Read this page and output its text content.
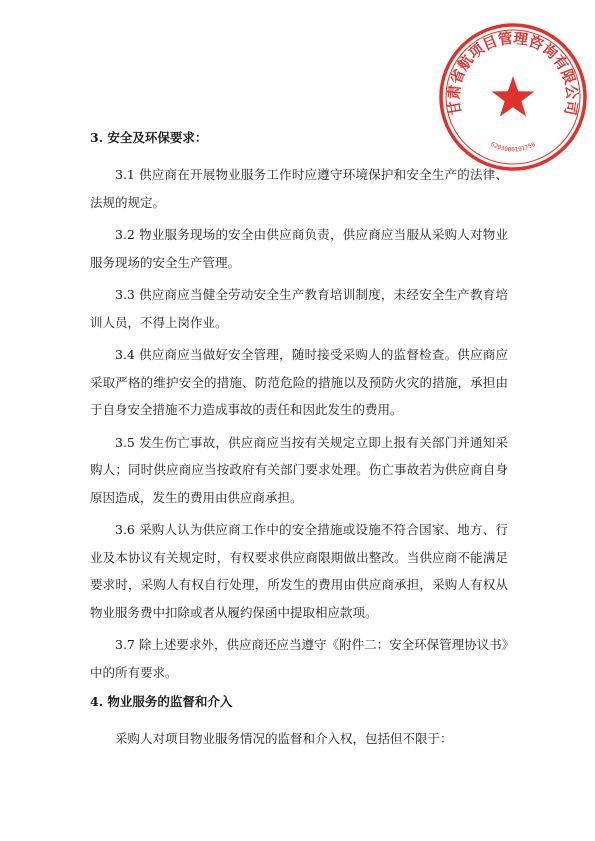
甘肃省航项目管理咨询有限公司
6203000191758
3. 安全及环保要求：

3.1 供应商在开展物业服务工作时应遵守环境保护和安全生产的法律、法规的规定。

3.2 物业服务现场的安全由供应商负责，供应商应当服从采购人对物业服务现场的安全生产管理。

3.3 供应商应当健全劳动安全生产教育培训制度，未经安全生产教育培训人员，不得上岗作业。

3.4 供应商应当做好安全管理，随时接受采购人的监督检查。供应商应采取严格的维护安全的措施、防范危险的措施以及预防火灾的措施，承担由于自身安全措施不力造成事故的责任和因此发生的费用。

3.5 发生伤亡事故，供应商应当按有关规定立即上报有关部门并通知采购人；同时供应商应当按政府有关部门要求处理。伤亡事故若为供应商自身原因造成，发生的费用由供应商承担。

3.6 采购人认为供应商工作中的安全措施或设施不符合国家、地方、行业及本协议有关规定时，有权要求供应商限期做出整改。当供应商不能满足要求时，采购人有权自行处理，所发生的费用由供应商承担，采购人有权从物业服务费中扣除或者从履约保函中提取相应款项。

3.7 除上述要求外，供应商还应当遵守《附件二：安全环保管理协议书》中的所有要求。

4. 物业服务的监督和介入

采购人对项目物业服务情况的监督和介入权，包括但不限于：
